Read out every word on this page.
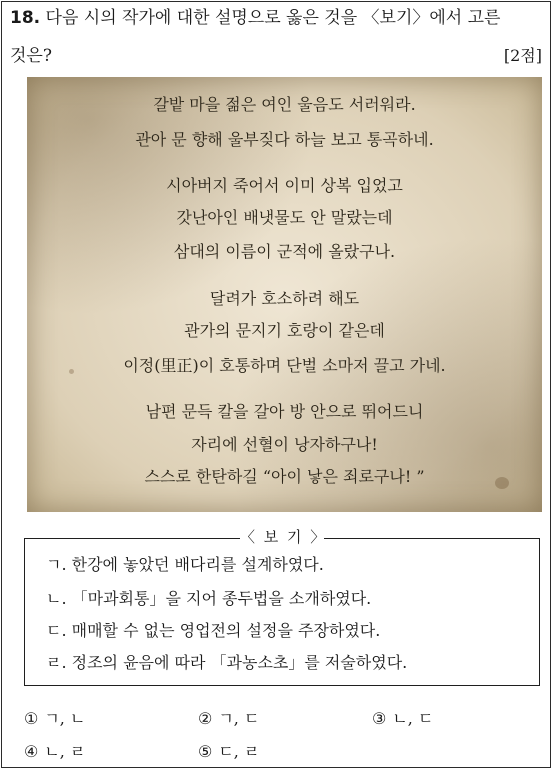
18. 다음 시의 작가에 대한 설명으로 옳은 것을 〈보기〉에서 고른
것은?	[2점]
갈밭 마을 젊은 여인 울음도 서러워라.
관아 문 향해 울부짖다 하늘 보고 통곡하네.
시아버지 죽어서 이미 상복 입었고
갓난아인 배냇물도 안 말랐는데
삼대의 이름이 군적에 올랐구나.
달려가 호소하려 해도
관가의 문지기 호랑이 같은데
이정(里正)이 호통하며 단벌 소마저 끌고 가네.
남편 문득 칼을 갈아 방 안으로 뛰어드니
자리에 선혈이 낭자하구나!
스스로 한탄하길 “아이 낳은 죄로구나! ”
〈 보 기 〉
ㄱ. 한강에 놓았던 배다리를 설계하였다.
ㄴ. 「마과회통」을 지어 종두법을 소개하였다.
ㄷ. 매매할 수 없는 영업전의 설정을 주장하였다.
ㄹ. 정조의 윤음에 따라 「과농소초」를 저술하였다.
① ㄱ, ㄴ	② ㄱ, ㄷ	③ ㄴ, ㄷ
④ ㄴ, ㄹ	⑤ ㄷ, ㄹ
